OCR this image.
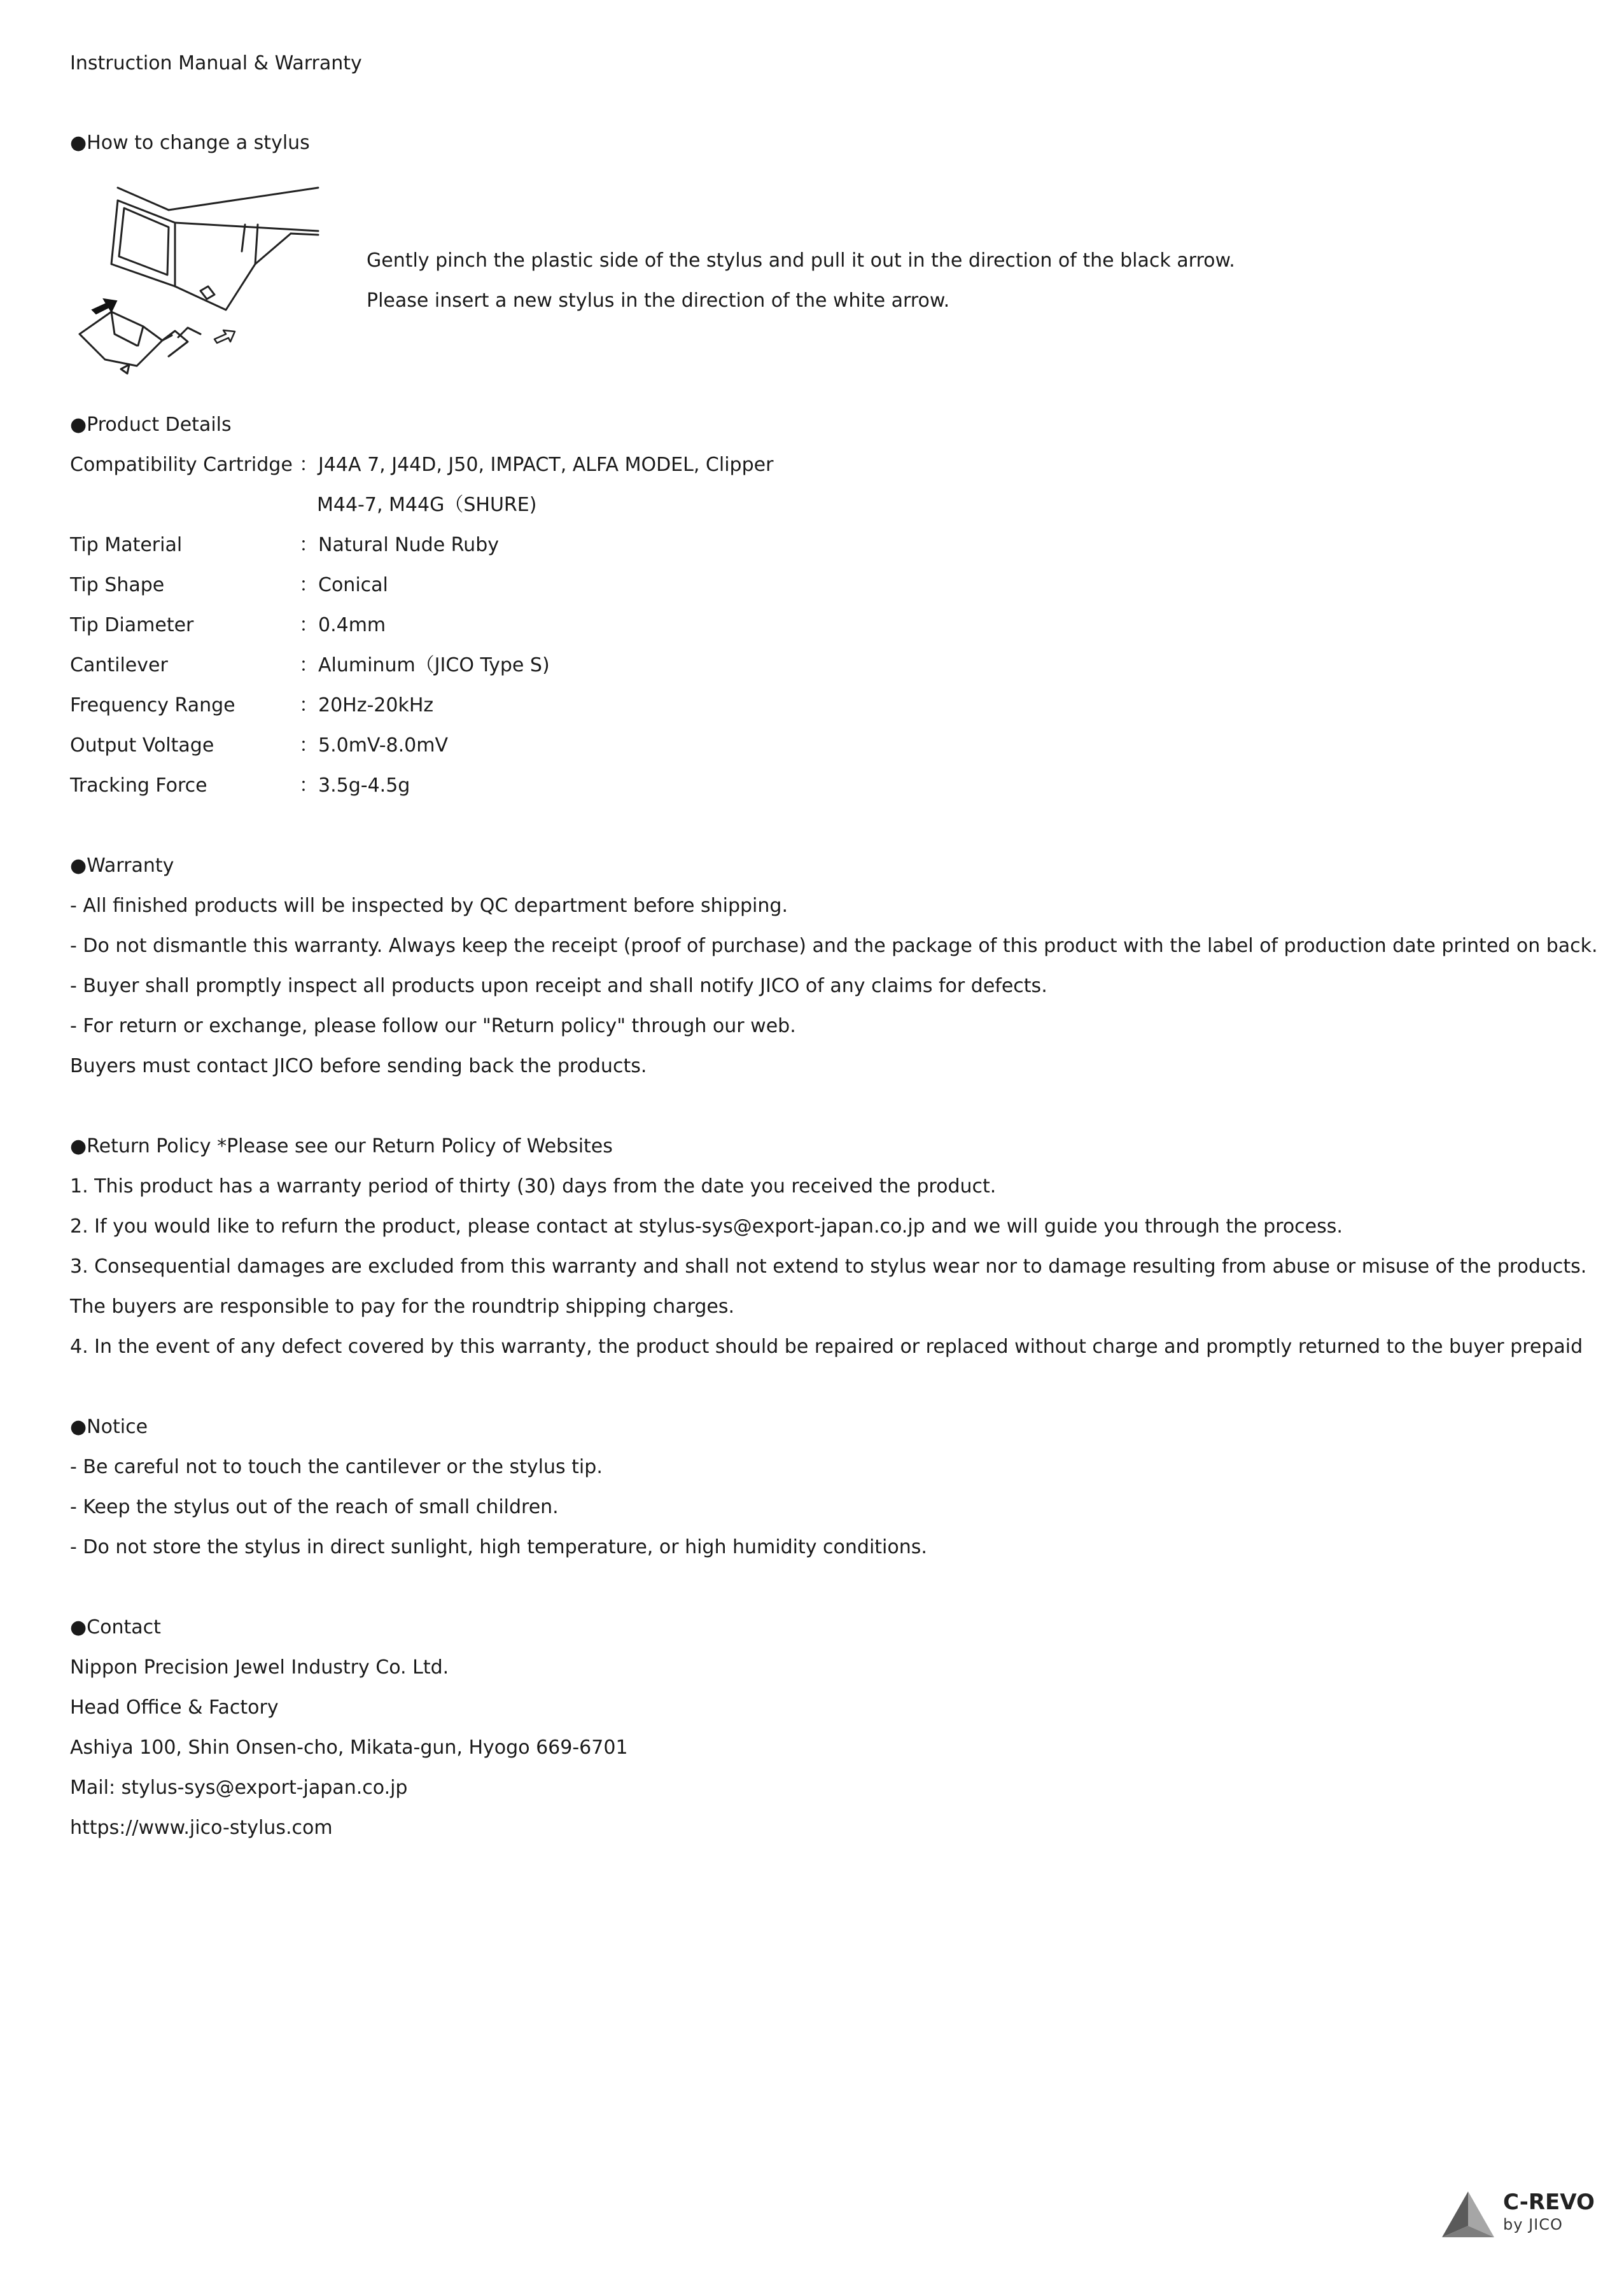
Instruction Manual & Warranty
●How to change a stylus
Gently pinch the plastic side of the stylus and pull it out in the direction of the black arrow.
Please insert a new stylus in the direction of the white arrow.
●Product Details
Compatibility Cartridge ：J44A 7, J44D, J50, IMPACT, ALFA MODEL, Clipper
M44-7, M44G（SHURE)
Tip Material	：Natural Nude Ruby
Tip Shape	：Conical
Tip Diameter	：0.4mm
Cantilever	：Aluminum（JICO Type S)
Frequency Range	：20Hz-20kHz
Output Voltage	：5.0mV-8.0mV
Tracking Force	：3.5g-4.5g
●Warranty
- All finished products will be inspected by QC department before shipping.
- Do not dismantle this warranty. Always keep the receipt (proof of purchase) and the package of this product with the label of production date printed on back.
- Buyer shall promptly inspect all products upon receipt and shall notify JICO of any claims for defects.
- For return or exchange, please follow our "Return policy" through our web.
Buyers must contact JICO before sending back the products.
●Return Policy *Please see our Return Policy of Websites
1. This product has a warranty period of thirty (30) days from the date you received the product.
2. If you would like to refurn the product, please contact at stylus-sys@export-japan.co.jp and we will guide you through the process.
3. Consequential damages are excluded from this warranty and shall not extend to stylus wear nor to damage resulting from abuse or misuse of the products.
The buyers are responsible to pay for the roundtrip shipping charges.
4. In the event of any defect covered by this warranty, the product should be repaired or replaced without charge and promptly returned to the buyer prepaid
●Notice
- Be careful not to touch the cantilever or the stylus tip.
- Keep the stylus out of the reach of small children.
- Do not store the stylus in direct sunlight, high temperature, or high humidity conditions.
●Contact
Nippon Precision Jewel Industry Co. Ltd.
Head Office & Factory
Ashiya 100, Shin Onsen-cho, Mikata-gun, Hyogo 669-6701
Mail: stylus-sys@export-japan.co.jp
https://www.jico-stylus.com
C-REVO
by JICO
